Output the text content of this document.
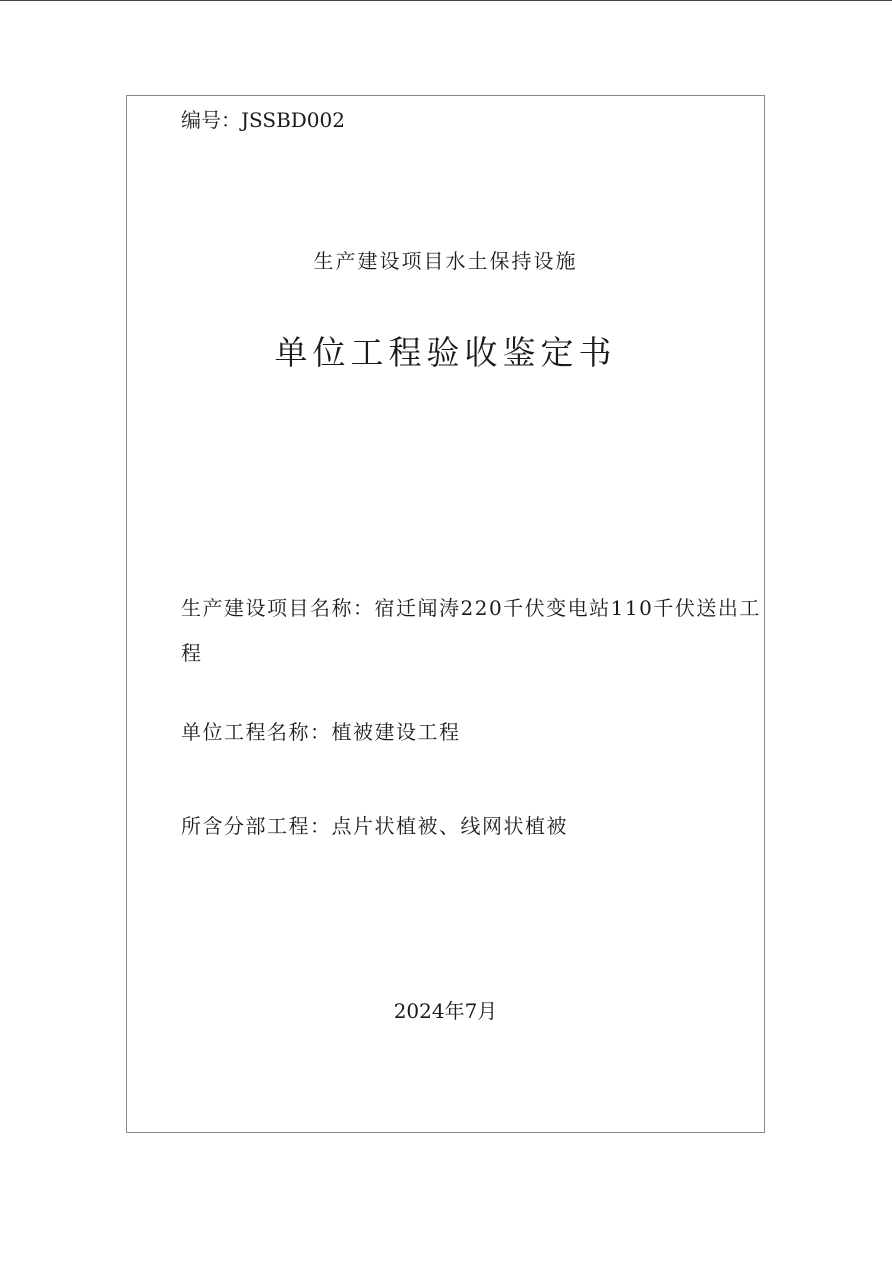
编号：JSSBD002
生产建设项目水土保持设施
单位工程验收鉴定书
生产建设项目名称：宿迁闻涛220千伏变电站110千伏送出工程
单位工程名称：植被建设工程
所含分部工程：点片状植被、线网状植被
2024年7月
